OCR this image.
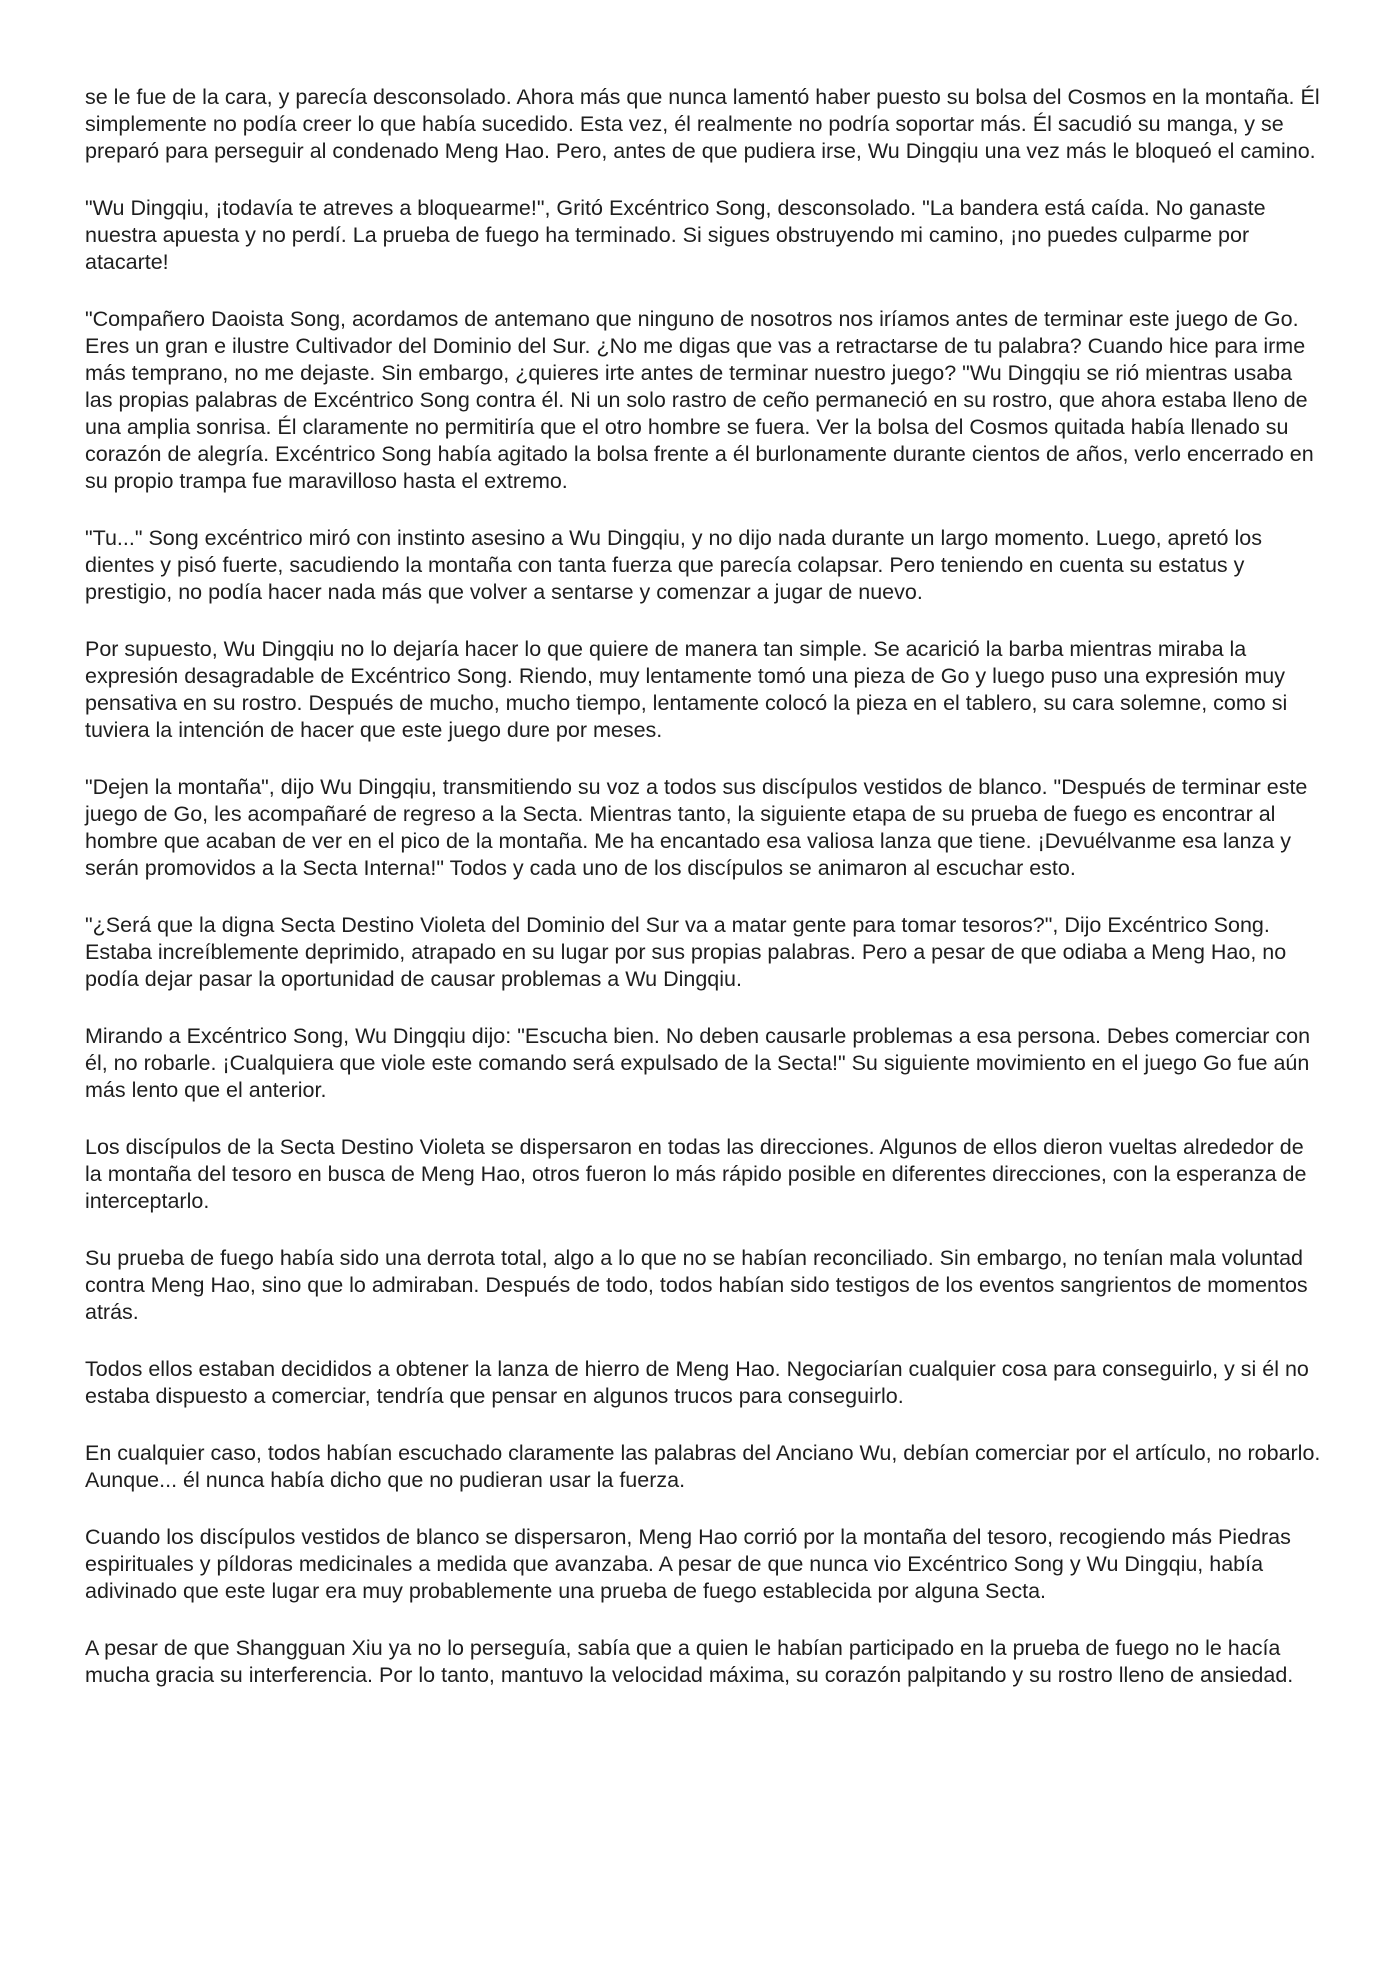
se le fue de la cara, y parecía desconsolado. Ahora más que nunca lamentó haber puesto su bolsa del Cosmos en la montaña. Él simplemente no podía creer lo que había sucedido. Esta vez, él realmente no podría soportar más. Él sacudió su manga, y se preparó para perseguir al condenado Meng Hao. Pero, antes de que pudiera irse, Wu Dingqiu una vez más le bloqueó el camino.

"Wu Dingqiu, ¡todavía te atreves a bloquearme!", Gritó Excéntrico Song, desconsolado. "La bandera está caída. No ganaste nuestra apuesta y no perdí. La prueba de fuego ha terminado. Si sigues obstruyendo mi camino, ¡no puedes culparme por atacarte!

"Compañero Daoista Song, acordamos de antemano que ninguno de nosotros nos iríamos antes de terminar este juego de Go. Eres un gran e ilustre Cultivador del Dominio del Sur. ¿No me digas que vas a retractarse de tu palabra? Cuando hice para irme más temprano, no me dejaste. Sin embargo, ¿quieres irte antes de terminar nuestro juego? "Wu Dingqiu se rió mientras usaba las propias palabras de Excéntrico Song contra él. Ni un solo rastro de ceño permaneció en su rostro, que ahora estaba lleno de una amplia sonrisa. Él claramente no permitiría que el otro hombre se fuera. Ver la bolsa del Cosmos quitada había llenado su corazón de alegría. Excéntrico Song había agitado la bolsa frente a él burlonamente durante cientos de años, verlo encerrado en su propio trampa fue maravilloso hasta el extremo.

"Tu..." Song excéntrico miró con instinto asesino a Wu Dingqiu, y no dijo nada durante un largo momento. Luego, apretó los dientes y pisó fuerte, sacudiendo la montaña con tanta fuerza que parecía colapsar. Pero teniendo en cuenta su estatus y prestigio, no podía hacer nada más que volver a sentarse y comenzar a jugar de nuevo.

Por supuesto, Wu Dingqiu no lo dejaría hacer lo que quiere de manera tan simple. Se acarició la barba mientras miraba la expresión desagradable de Excéntrico Song. Riendo, muy lentamente tomó una pieza de Go y luego puso una expresión muy pensativa en su rostro. Después de mucho, mucho tiempo, lentamente colocó la pieza en el tablero, su cara solemne, como si tuviera la intención de hacer que este juego dure por meses.

"Dejen la montaña", dijo Wu Dingqiu, transmitiendo su voz a todos sus discípulos vestidos de blanco. "Después de terminar este juego de Go, les acompañaré de regreso a la Secta. Mientras tanto, la siguiente etapa de su prueba de fuego es encontrar al hombre que acaban de ver en el pico de la montaña. Me ha encantado esa valiosa lanza que tiene. ¡Devuélvanme esa lanza y serán promovidos a la Secta Interna!" Todos y cada uno de los discípulos se animaron al escuchar esto.

"¿Será que la digna Secta Destino Violeta del Dominio del Sur va a matar gente para tomar tesoros?", Dijo Excéntrico Song. Estaba increíblemente deprimido, atrapado en su lugar por sus propias palabras. Pero a pesar de que odiaba a Meng Hao, no podía dejar pasar la oportunidad de causar problemas a Wu Dingqiu.

Mirando a Excéntrico Song, Wu Dingqiu dijo: "Escucha bien. No deben causarle problemas a esa persona. Debes comerciar con él, no robarle. ¡Cualquiera que viole este comando será expulsado de la Secta!" Su siguiente movimiento en el juego Go fue aún más lento que el anterior.

Los discípulos de la Secta Destino Violeta se dispersaron en todas las direcciones. Algunos de ellos dieron vueltas alrededor de la montaña del tesoro en busca de Meng Hao, otros fueron lo más rápido posible en diferentes direcciones, con la esperanza de interceptarlo.

Su prueba de fuego había sido una derrota total, algo a lo que no se habían reconciliado. Sin embargo, no tenían mala voluntad contra Meng Hao, sino que lo admiraban. Después de todo, todos habían sido testigos de los eventos sangrientos de momentos atrás.

Todos ellos estaban decididos a obtener la lanza de hierro de Meng Hao. Negociarían cualquier cosa para conseguirlo, y si él no estaba dispuesto a comerciar, tendría que pensar en algunos trucos para conseguirlo.

En cualquier caso, todos habían escuchado claramente las palabras del Anciano Wu, debían comerciar por el artículo, no robarlo. Aunque... él nunca había dicho que no pudieran usar la fuerza.

Cuando los discípulos vestidos de blanco se dispersaron, Meng Hao corrió por la montaña del tesoro, recogiendo más Piedras espirituales y píldoras medicinales a medida que avanzaba. A pesar de que nunca vio Excéntrico Song y Wu Dingqiu, había adivinado que este lugar era muy probablemente una prueba de fuego establecida por alguna Secta.

A pesar de que Shangguan Xiu ya no lo perseguía, sabía que a quien le habían participado en la prueba de fuego no le hacía mucha gracia su interferencia. Por lo tanto, mantuvo la velocidad máxima, su corazón palpitando y su rostro lleno de ansiedad.
